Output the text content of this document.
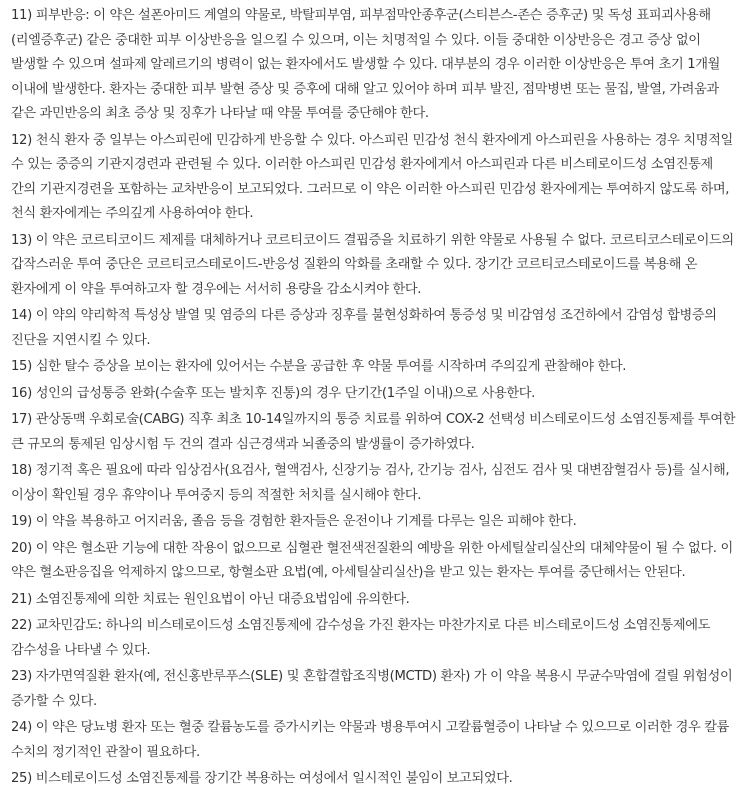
11) 피부반응: 이 약은 설폰아미드 계열의 약물로, 박탈피부염, 피부점막안종후군(스티븐스-존슨 증후군) 및 독성 표피괴사용해(리엘증후군) 같은 중대한 피부 이상반응을 일으킬 수 있으며, 이는 치명적일 수 있다. 이들 중대한 이상반응은 경고 증상 없이 발생할 수 있으며 설파제 알레르기의 병력이 없는 환자에서도 발생할 수 있다. 대부분의 경우 이러한 이상반응은 투여 초기 1개월 이내에 발생한다. 환자는 중대한 피부 발현 증상 및 증후에 대해 알고 있어야 하며 피부 발진, 점막병변 또는 물집, 발열, 가려움과 같은 과민반응의 최초 증상 및 징후가 나타날 때 약물 투여를 중단해야 한다.

12) 천식 환자 중 일부는 아스피린에 민감하게 반응할 수 있다. 아스피린 민감성 천식 환자에게 아스피린을 사용하는 경우 치명적일 수 있는 중증의 기관지경련과 관련될 수 있다. 이러한 아스피린 민감성 환자에게서 아스피린과 다른 비스테로이드성 소염진통제 간의 기관지경련을 포함하는 교차반응이 보고되었다. 그러므로 이 약은 이러한 아스피린 민감성 환자에게는 투여하지 않도록 하며, 천식 환자에게는 주의깊게 사용하여야 한다.

13) 이 약은 코르티코이드 제제를 대체하거나 코르티코이드 결핍증을 치료하기 위한 약물로 사용될 수 없다. 코르티코스테로이드의 갑작스러운 투여 중단은 코르티코스테로이드-반응성 질환의 악화를 초래할 수 있다. 장기간 코르티코스테로이드를 복용해 온 환자에게 이 약을 투여하고자 할 경우에는 서서히 용량을 감소시켜야 한다.

14) 이 약의 약리학적 특성상 발열 및 염증의 다른 증상과 징후를 불현성화하여 통증성 및 비감염성 조건하에서 감염성 합병증의 진단을 지연시킬 수 있다.

15) 심한 탈수 증상을 보이는 환자에 있어서는 수분을 공급한 후 약물 투여를 시작하며 주의깊게 관찰해야 한다.

16) 성인의 급성통증 완화(수술후 또는 발치후 진통)의 경우 단기간(1주일 이내)으로 사용한다.

17) 관상동맥 우회로술(CABG) 직후 최초 10-14일까지의 통증 치료를 위하여 COX-2 선택성 비스테로이드성 소염진통제를 투여한 큰 규모의 통제된 임상시험 두 건의 결과 심근경색과 뇌졸중의 발생률이 증가하였다.

18) 정기적 혹은 필요에 따라 임상검사(요검사, 혈액검사, 신장기능 검사, 간기능 검사, 심전도 검사 및 대변잠혈검사 등)를 실시해, 이상이 확인될 경우 휴약이나 투여중지 등의 적절한 처치를 실시해야 한다.

19) 이 약을 복용하고 어지러움, 졸음 등을 경험한 환자들은 운전이나 기계를 다루는 일은 피해야 한다.

20) 이 약은 혈소판 기능에 대한 작용이 없으므로 심혈관 혈전색전질환의 예방을 위한 아세틸살리실산의 대체약물이 될 수 없다. 이 약은 혈소판응집을 억제하지 않으므로, 항혈소판 요법(예, 아세틸살리실산)을 받고 있는 환자는 투여를 중단해서는 안된다.

21) 소염진통제에 의한 치료는 원인요법이 아닌 대증요법임에 유의한다.

22) 교차민감도: 하나의 비스테로이드성 소염진통제에 감수성을 가진 환자는 마찬가지로 다른 비스테로이드성 소염진통제에도 감수성을 나타낼 수 있다.

23) 자가면역질환 환자(예, 전신홍반루푸스(SLE) 및 혼합결합조직병(MCTD) 환자) 가 이 약을 복용시 무균수막염에 걸릴 위험성이 증가할 수 있다.

24) 이 약은 당뇨병 환자 또는 혈중 칼륨농도를 증가시키는 약물과 병용투여시 고칼륨혈증이 나타날 수 있으므로 이러한 경우 칼륨 수치의 정기적인 관찰이 필요하다.

25) 비스테로이드성 소염진통제를 장기간 복용하는 여성에서 일시적인 불임이 보고되었다.
